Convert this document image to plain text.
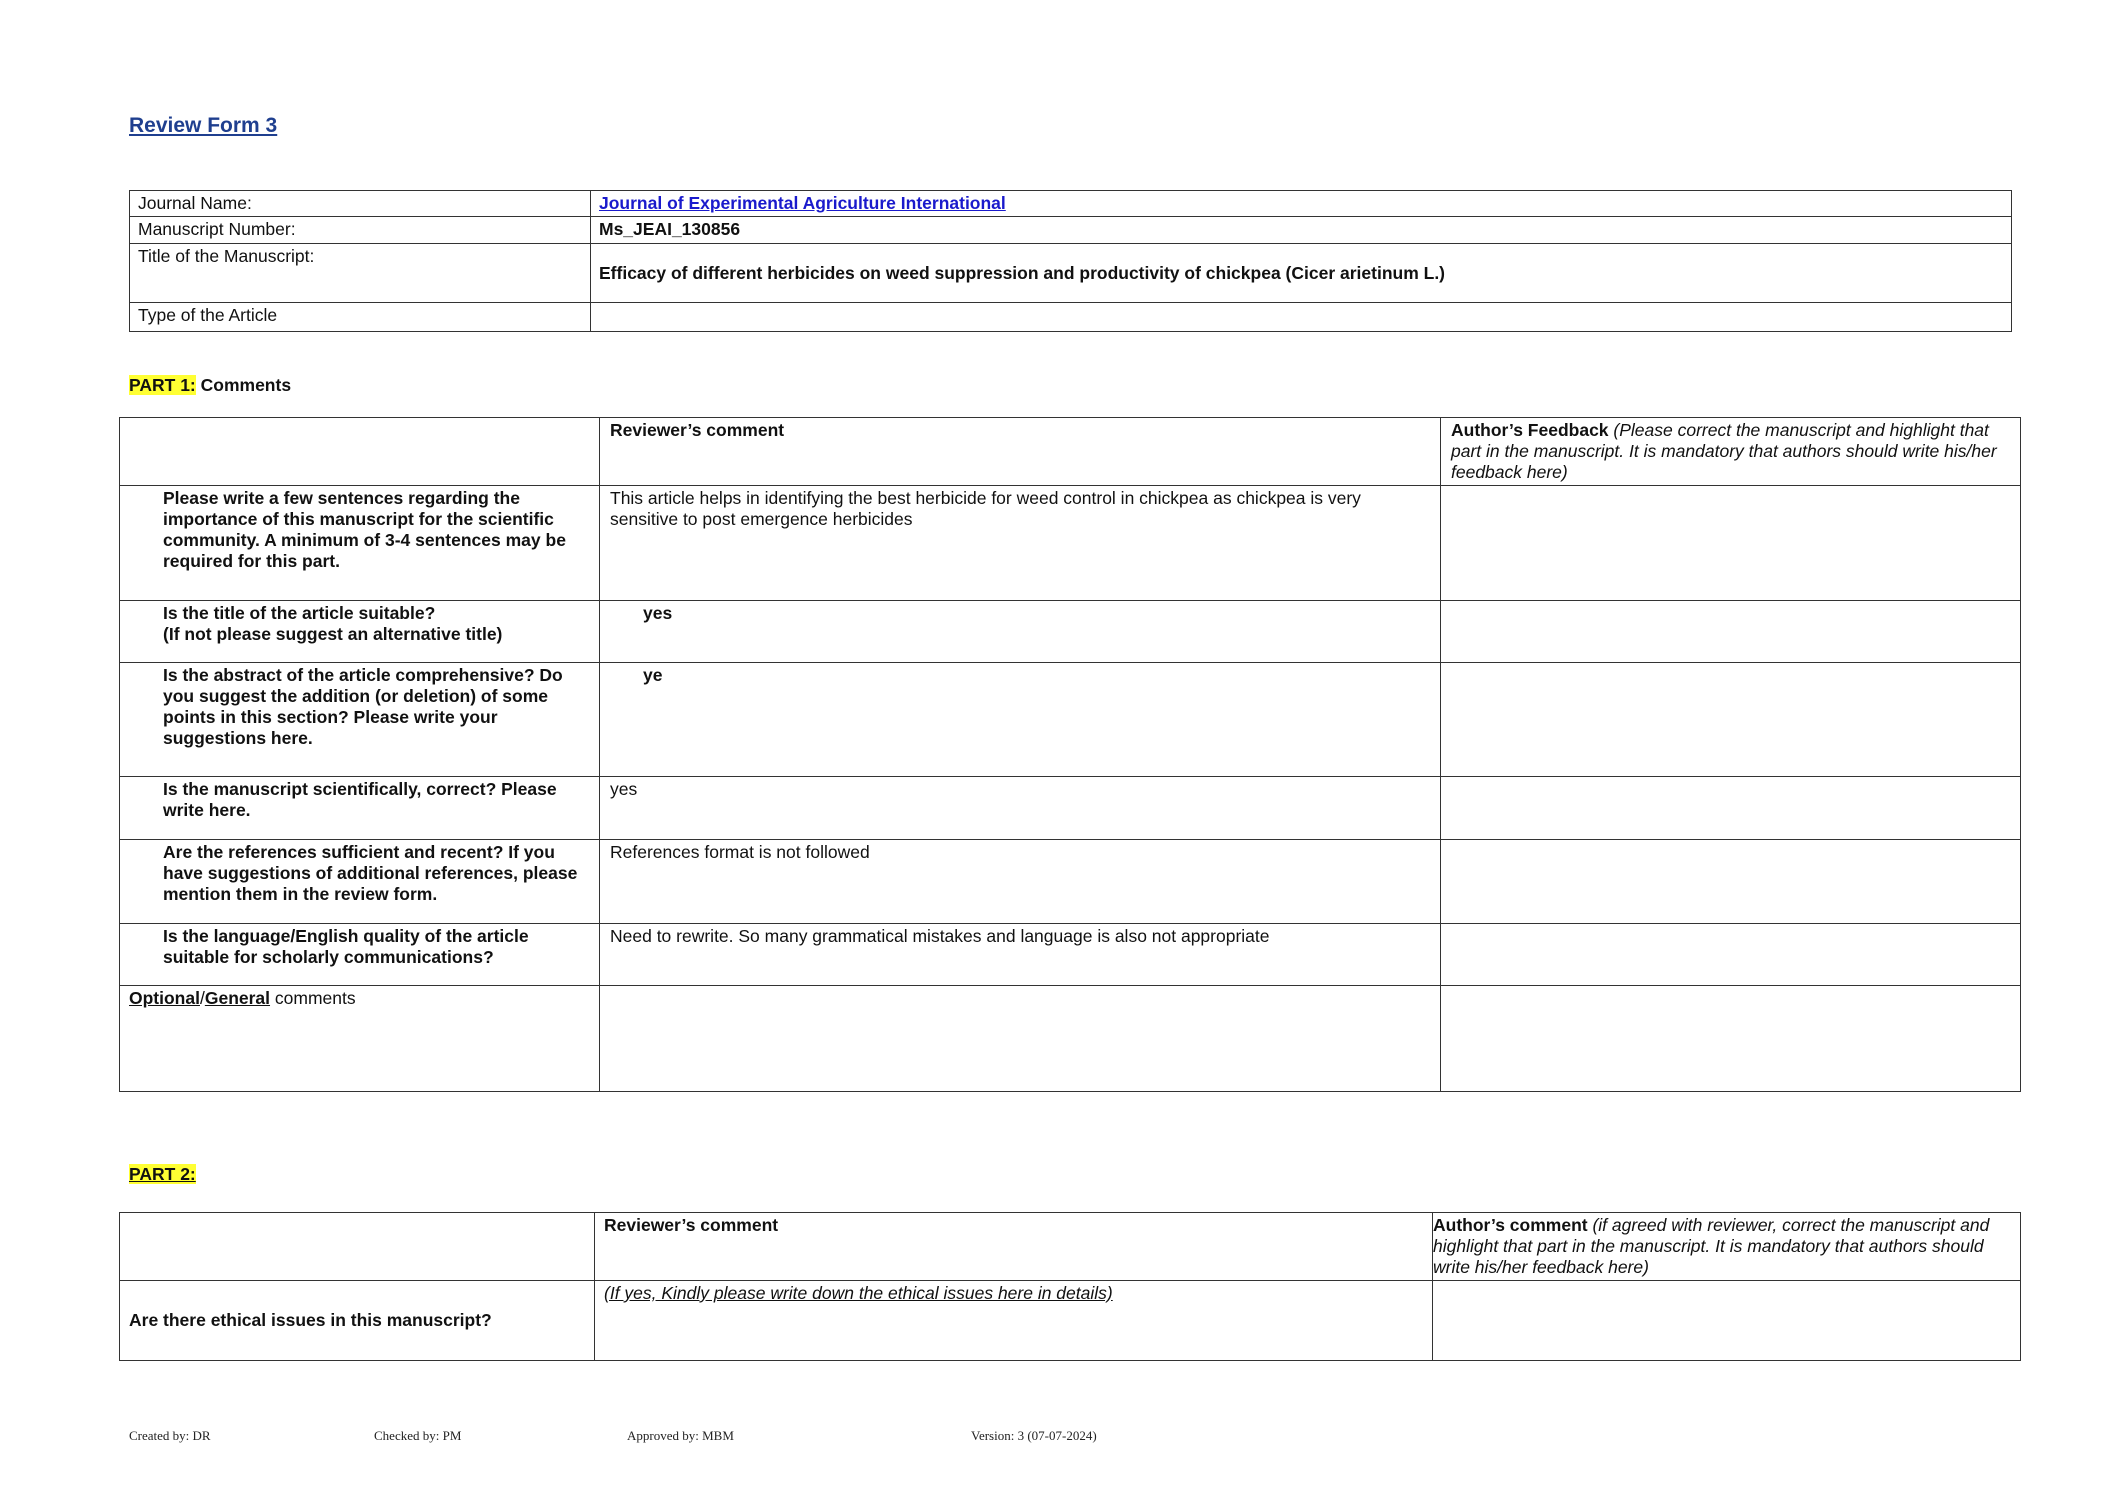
Review Form 3
Journal Name:	Journal of Experimental Agriculture International
Manuscript Number:	Ms_JEAI_130856
Title of the Manuscript:	Efficacy of different herbicides on weed suppression and productivity of chickpea (Cicer arietinum L.)
Type of the Article	
PART 1: Comments
	Reviewer’s comment	Author’s Feedback (Please correct the manuscript and highlight that part in the manuscript. It is mandatory that authors should write his/her feedback here)
Please write a few sentences regarding the importance of this manuscript for the scientific community. A minimum of 3-4 sentences may be required for this part.	This article helps in identifying the best herbicide for weed control in chickpea as chickpea is very sensitive to post emergence herbicides	

Is the title of the article suitable?
(If not please suggest an alternative title)	yes	
Is the abstract of the article comprehensive? Do you suggest the addition (or deletion) of some points in this section? Please write your suggestions here.	ye	
Is the manuscript scientifically, correct? Please write here.	yes	
Are the references sufficient and recent? If you have suggestions of additional references, please mention them in the review form.	References format is not followed	
Is the language/English quality of the article suitable for scholarly communications?	Need to rewrite. So many grammatical mistakes and language is also not appropriate	
Optional/General comments		
PART 2:
	Reviewer’s comment	Author’s comment (if agreed with reviewer, correct the manuscript and highlight that part in the manuscript. It is mandatory that authors should write his/her feedback here)
Are there ethical issues in this manuscript?	(If yes, Kindly please write down the ethical issues here in details)	
Created by: DR	Checked by: PM	Approved by: MBM	Version: 3 (07-07-2024)
